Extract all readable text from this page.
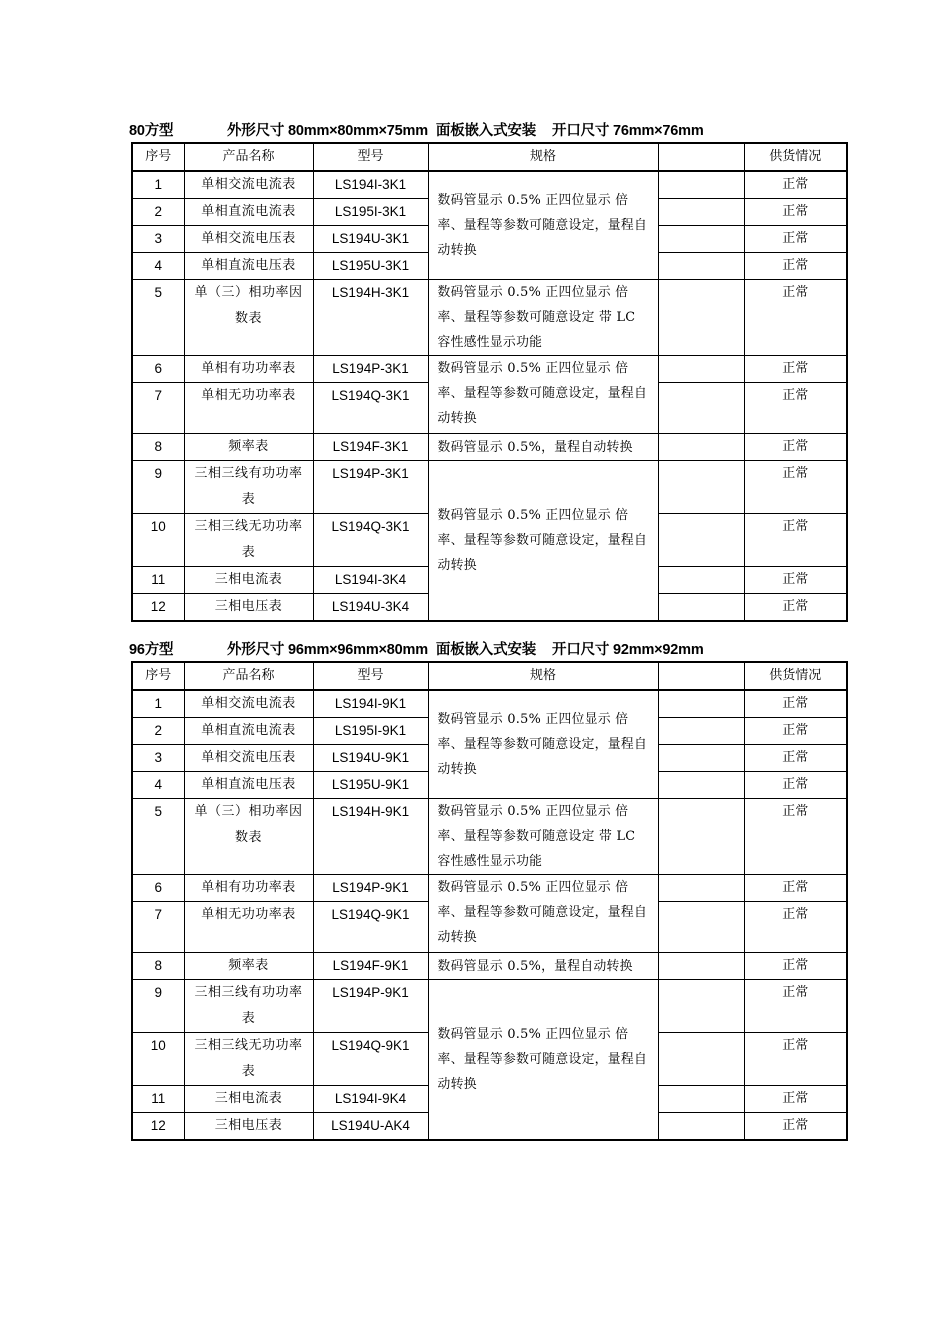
80方型	外形尺寸 80mm×80mm×75mm 面板嵌入式安装 开口尺寸 76mm×76mm
序号	产品名称	型号	规格		供货情况
1	单相交流电流表	LS194I-3K1	数码管显示 0.5% 正四位显示 倍率、量程等参数可随意设定，量程自动转换		正常
2	单相直流电流表	LS195I-3K1			正常
3	单相交流电压表	LS194U-3K1			正常
4	单相直流电压表	LS195U-3K1			正常
5	单（三）相功率因数表	LS194H-3K1	数码管显示 0.5% 正四位显示 倍率、量程等参数可随意设定 带 LC 容性感性显示功能		正常
6	单相有功功率表	LS194P-3K1	数码管显示 0.5% 正四位显示 倍率、量程等参数可随意设定，量程自动转换		正常
7	单相无功功率表	LS194Q-3K1			正常
8	频率表	LS194F-3K1	数码管显示 0.5%，量程自动转换		正常
9	三相三线有功功率表	LS194P-3K1	数码管显示 0.5% 正四位显示 倍率、量程等参数可随意设定，量程自动转换		正常
10	三相三线无功功率表	LS194Q-3K1			正常
11	三相电流表	LS194I-3K4			正常
12	三相电压表	LS194U-3K4			正常
96方型	外形尺寸 96mm×96mm×80mm 面板嵌入式安装 开口尺寸 92mm×92mm
序号	产品名称	型号	规格		供货情况
1	单相交流电流表	LS194I-9K1	数码管显示 0.5% 正四位显示 倍率、量程等参数可随意设定，量程自动转换		正常
2	单相直流电流表	LS195I-9K1			正常
3	单相交流电压表	LS194U-9K1			正常
4	单相直流电压表	LS195U-9K1			正常
5	单（三）相功率因数表	LS194H-9K1	数码管显示 0.5% 正四位显示 倍率、量程等参数可随意设定 带 LC 容性感性显示功能		正常
6	单相有功功率表	LS194P-9K1	数码管显示 0.5% 正四位显示 倍率、量程等参数可随意设定，量程自动转换		正常
7	单相无功功率表	LS194Q-9K1			正常
8	频率表	LS194F-9K1	数码管显示 0.5%，量程自动转换		正常
9	三相三线有功功率表	LS194P-9K1	数码管显示 0.5% 正四位显示 倍率、量程等参数可随意设定，量程自动转换		正常
10	三相三线无功功率表	LS194Q-9K1			正常
11	三相电流表	LS194I-9K4			正常
12	三相电压表	LS194U-AK4			正常
